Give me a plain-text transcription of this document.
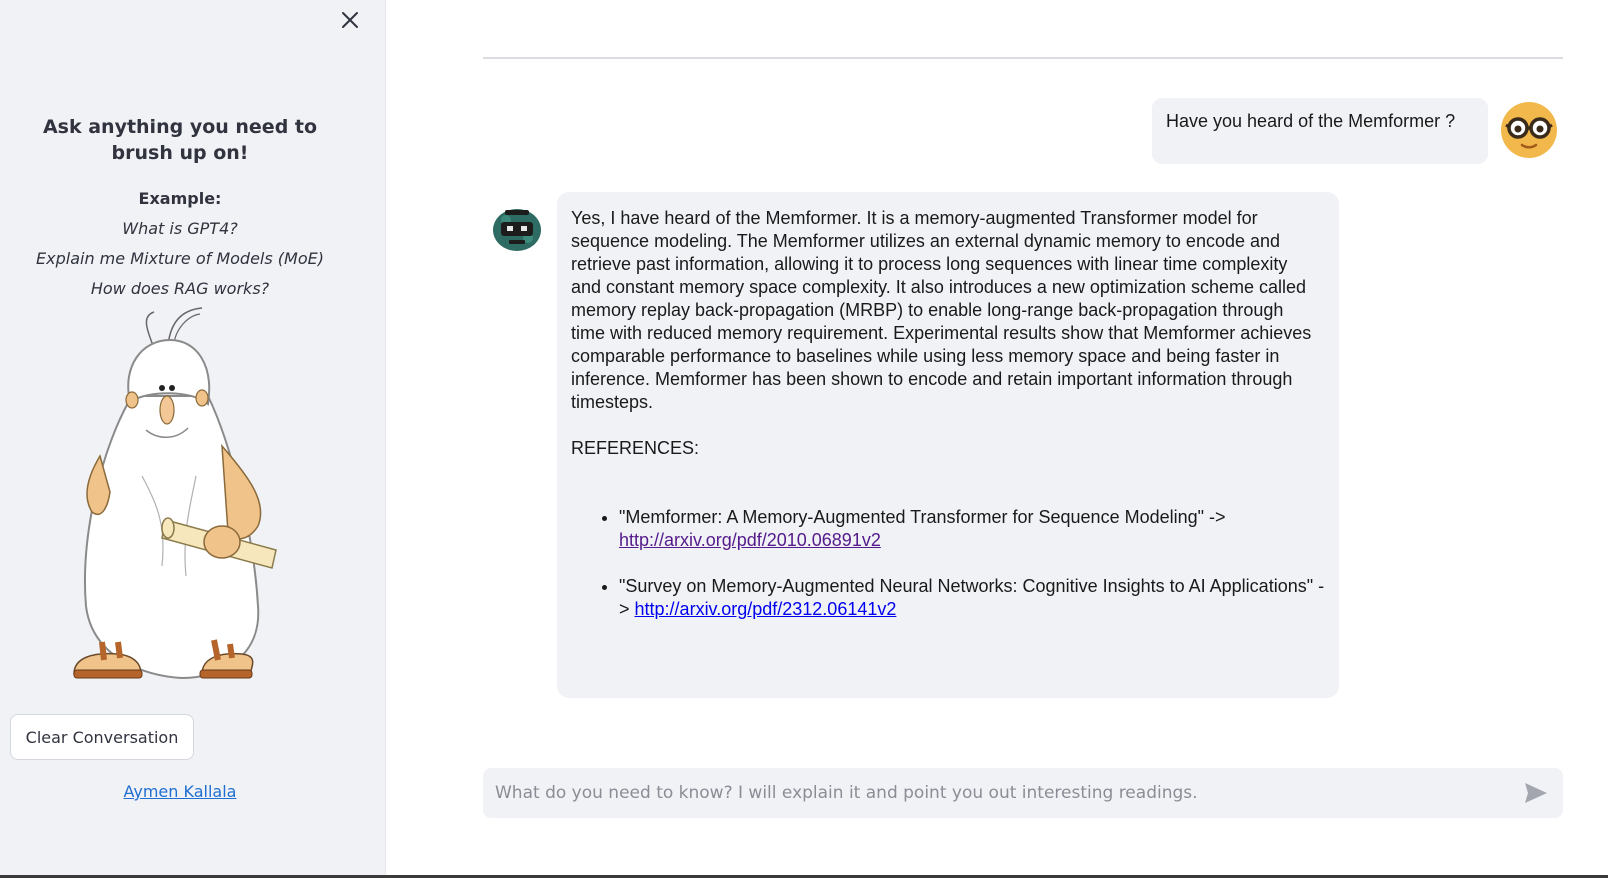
Ask anything you need to brush up on!
Example:
What is GPT4?
Explain me Mixture of Models (MoE)
How does RAG works?
Clear Conversation
Aymen Kallala
Have you heard of the Memformer ?
Yes, I have heard of the Memformer. It is a memory-augmented Transformer model for sequence modeling. The Memformer utilizes an external dynamic memory to encode and retrieve past information, allowing it to process long sequences with linear time complexity and constant memory space complexity. It also introduces a new optimization scheme called memory replay back-propagation (MRBP) to enable long-range back-propagation through time with reduced memory requirement. Experimental results show that Memformer achieves comparable performance to baselines while using less memory space and being faster in inference. Memformer has been shown to encode and retain important information through timesteps.
REFERENCES:
• "Memformer: A Memory-Augmented Transformer for Sequence Modeling" ->
http://arxiv.org/pdf/2010.06891v2
• "Survey on Memory-Augmented Neural Networks: Cognitive Insights to AI Applications" -> http://arxiv.org/pdf/2312.06141v2
What do you need to know? I will explain it and point you out interesting readings.
